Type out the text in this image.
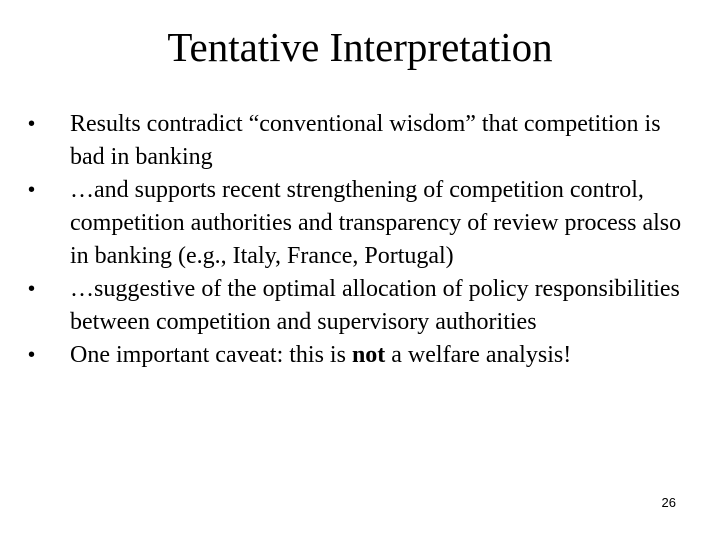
Tentative Interpretation
• Results contradict “conventional wisdom” that competition is bad in banking
• …and supports recent strengthening of competition control, competition authorities and transparency of review process also in banking (e.g., Italy, France, Portugal)
• …suggestive of the optimal allocation of policy responsibilities between competition and supervisory authorities
• One important caveat: this is not a welfare analysis!
26
